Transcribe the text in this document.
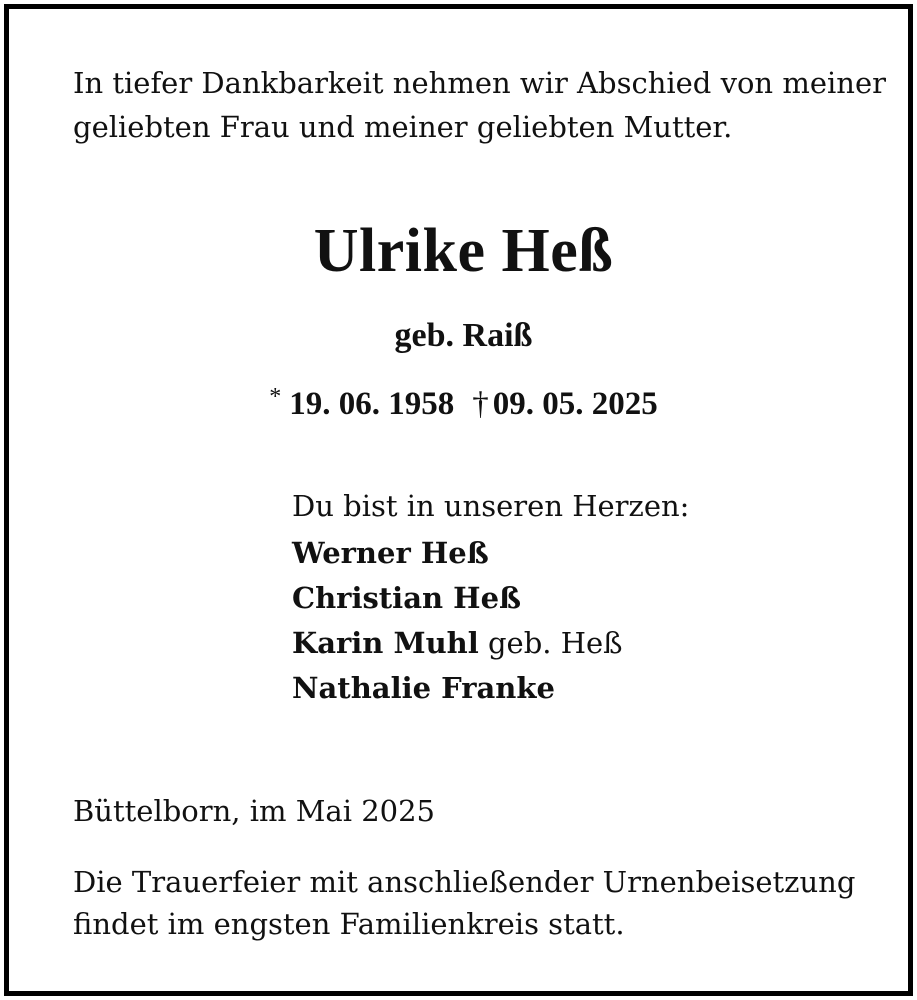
In tiefer Dankbarkeit nehmen wir Abschied von meiner
geliebten Frau und meiner geliebten Mutter.
Ulrike Heß
geb. Raiß
* 19. 06. 1958 † 09. 05. 2025
Du bist in unseren Herzen:
Werner Heß
Christian Heß
Karin Muhl geb. Heß
Nathalie Franke
Büttelborn, im Mai 2025
Die Trauerfeier mit anschließender Urnenbeisetzung
findet im engsten Familienkreis statt.
